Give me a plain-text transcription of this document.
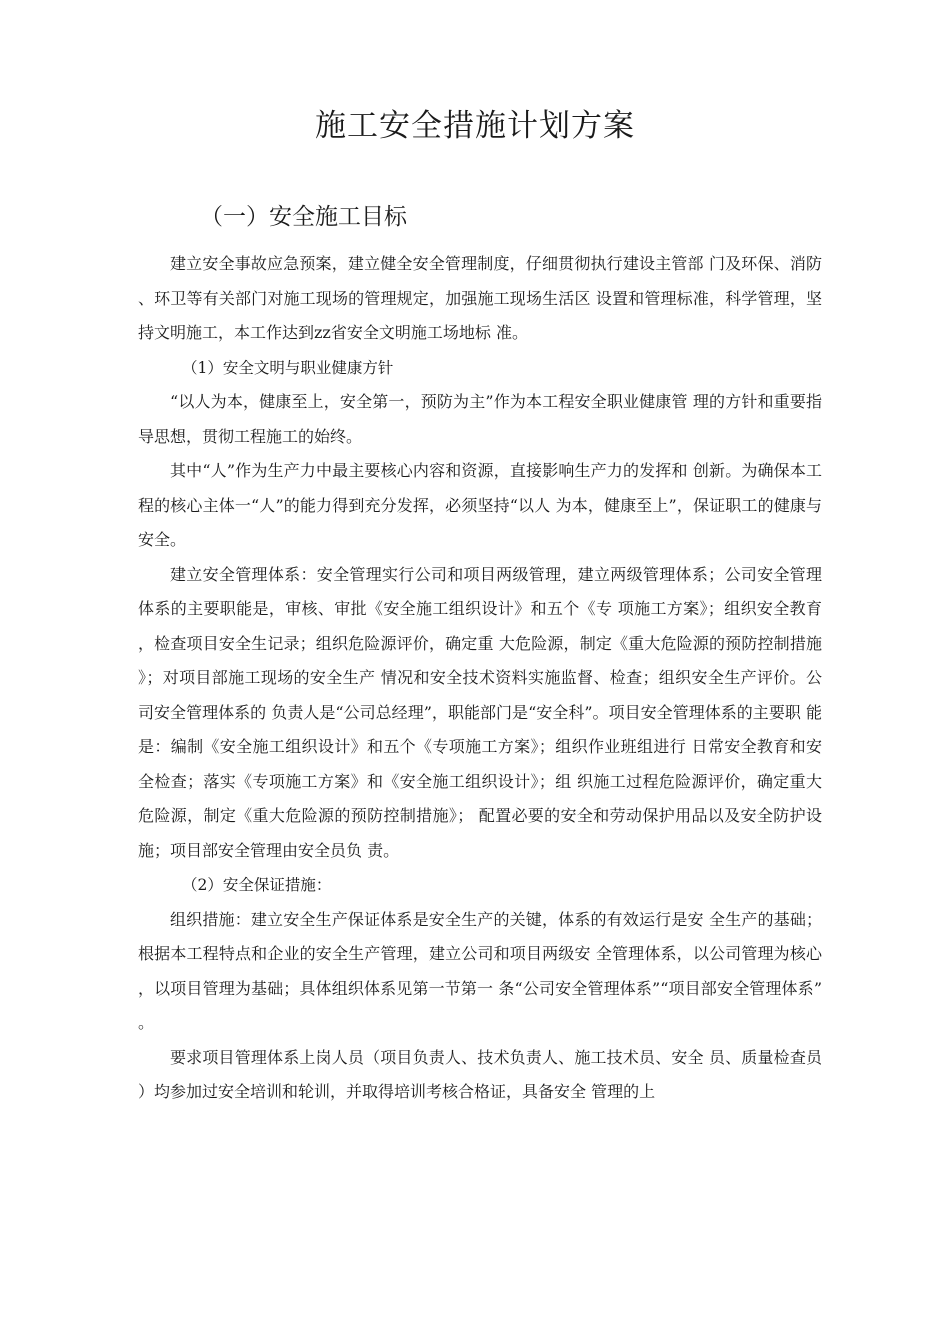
施工安全措施计划方案
（一）安全施工目标

建立安全事故应急预案，建立健全安全管理制度，仔细贯彻执行建设主管部 门及环保、消防、环卫等有关部门对施工现场的管理规定，加强施工现场生活区 设置和管理标准，科学管理，坚持文明施工，本工作达到zz省安全文明施工场地标 准。

（1）安全文明与职业健康方针

“以人为本，健康至上，安全第一，预防为主”作为本工程安全职业健康管 理的方针和重要指导思想，贯彻工程施工的始终。

其中“人”作为生产力中最主要核心内容和资源，直接影响生产力的发挥和 创新。为确保本工程的核心主体一“人”的能力得到充分发挥，必须坚持“以人 为本，健康至上”，保证职工的健康与安全。

建立安全管理体系：安全管理实行公司和项目两级管理，建立两级管理体系；公司安全管理体系的主要职能是，审核、审批《安全施工组织设计》和五个《专 项施工方案》；组织安全教育，检查项目安全生记录；组织危险源评价，确定重 大危险源，制定《重大危险源的预防控制措施》；对项目部施工现场的安全生产 情况和安全技术资料实施监督、检查；组织安全生产评价。公司安全管理体系的 负责人是“公司总经理”，职能部门是“安全科”。项目安全管理体系的主要职 能是：编制《安全施工组织设计》和五个《专项施工方案》；组织作业班组进行 日常安全教育和安全检查；落实《专项施工方案》和《安全施工组织设计》；组 织施工过程危险源评价，确定重大危险源，制定《重大危险源的预防控制措施》； 配置必要的安全和劳动保护用品以及安全防护设施；项目部安全管理由安全员负 责。

（2）安全保证措施：

组织措施：建立安全生产保证体系是安全生产的关键，体系的有效运行是安 全生产的基础；根据本工程特点和企业的安全生产管理，建立公司和项目两级安 全管理体系，以公司管理为核心，以项目管理为基础；具体组织体系见第一节第一 条“公司安全管理体系”“项目部安全管理体系”。

要求项目管理体系上岗人员（项目负责人、技术负责人、施工技术员、安全 员、质量检查员）均参加过安全培训和轮训，并取得培训考核合格证，具备安全 管理的上
